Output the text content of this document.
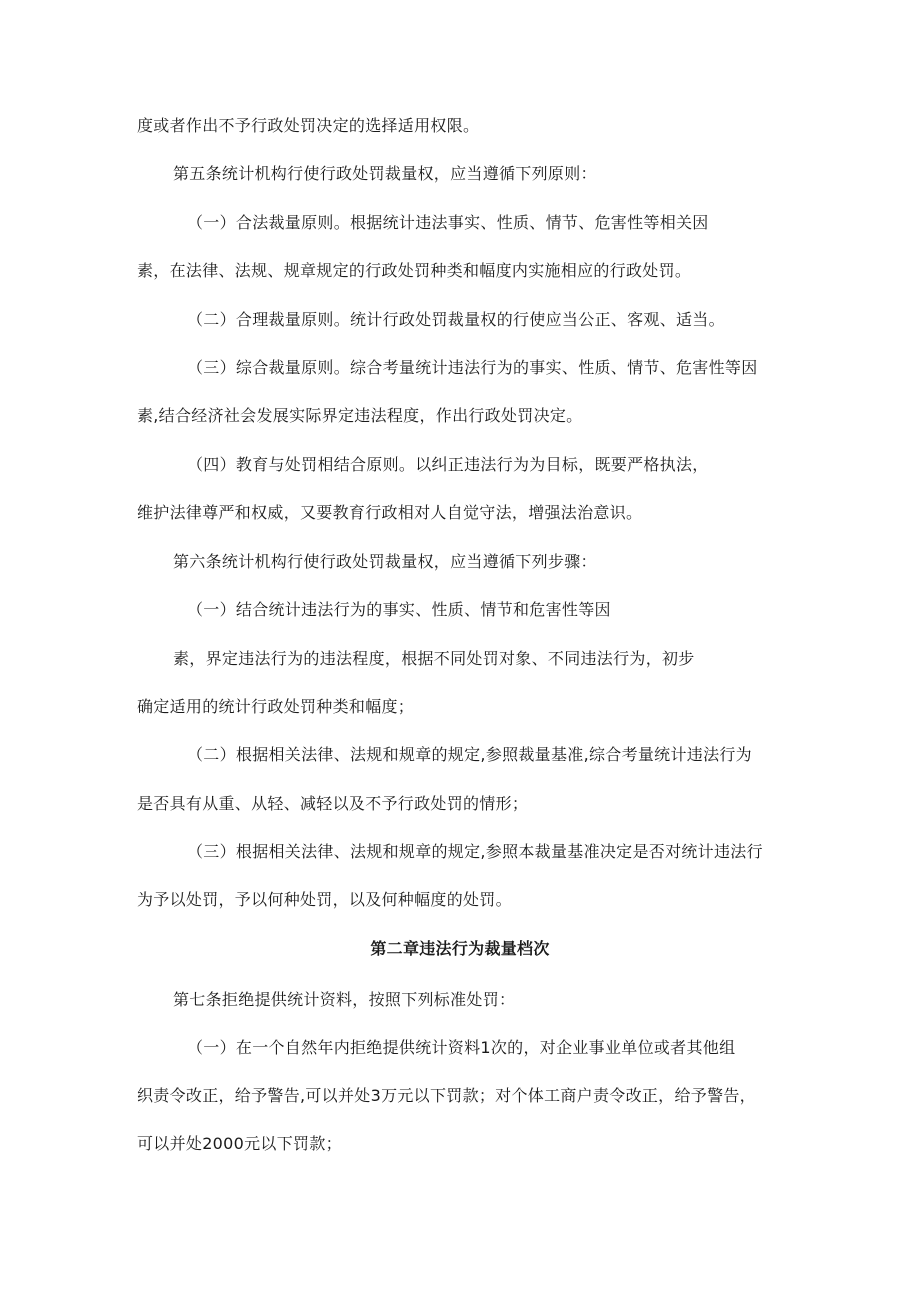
度或者作出不予行政处罚决定的选择适用权限。
第五条统计机构行使行政处罚裁量权，应当遵循下列原则：
（一）合法裁量原则。根据统计违法事实、性质、情节、危害性等相关因
素，在法律、法规、规章规定的行政处罚种类和幅度内实施相应的行政处罚。
（二）合理裁量原则。统计行政处罚裁量权的行使应当公正、客观、适当。
（三）综合裁量原则。综合考量统计违法行为的事实、性质、情节、危害性等因
素,结合经济社会发展实际界定违法程度，作出行政处罚决定。
（四）教育与处罚相结合原则。以纠正违法行为为目标，既要严格执法，
维护法律尊严和权威，又要教育行政相对人自觉守法，增强法治意识。
第六条统计机构行使行政处罚裁量权，应当遵循下列步骤：
（一）结合统计违法行为的事实、性质、情节和危害性等因
素，界定违法行为的违法程度，根据不同处罚对象、不同违法行为，初步
确定适用的统计行政处罚种类和幅度；
（二）根据相关法律、法规和规章的规定,参照裁量基准,综合考量统计违法行为
是否具有从重、从轻、减轻以及不予行政处罚的情形；
（三）根据相关法律、法规和规章的规定,参照本裁量基准决定是否对统计违法行
为予以处罚，予以何种处罚，以及何种幅度的处罚。
第二章违法行为裁量档次
第七条拒绝提供统计资料，按照下列标准处罚：
（一）在一个自然年内拒绝提供统计资料1次的，对企业事业单位或者其他组
织责令改正，给予警告,可以并处3万元以下罚款；对个体工商户责令改正，给予警告，
可以并处2000元以下罚款；
